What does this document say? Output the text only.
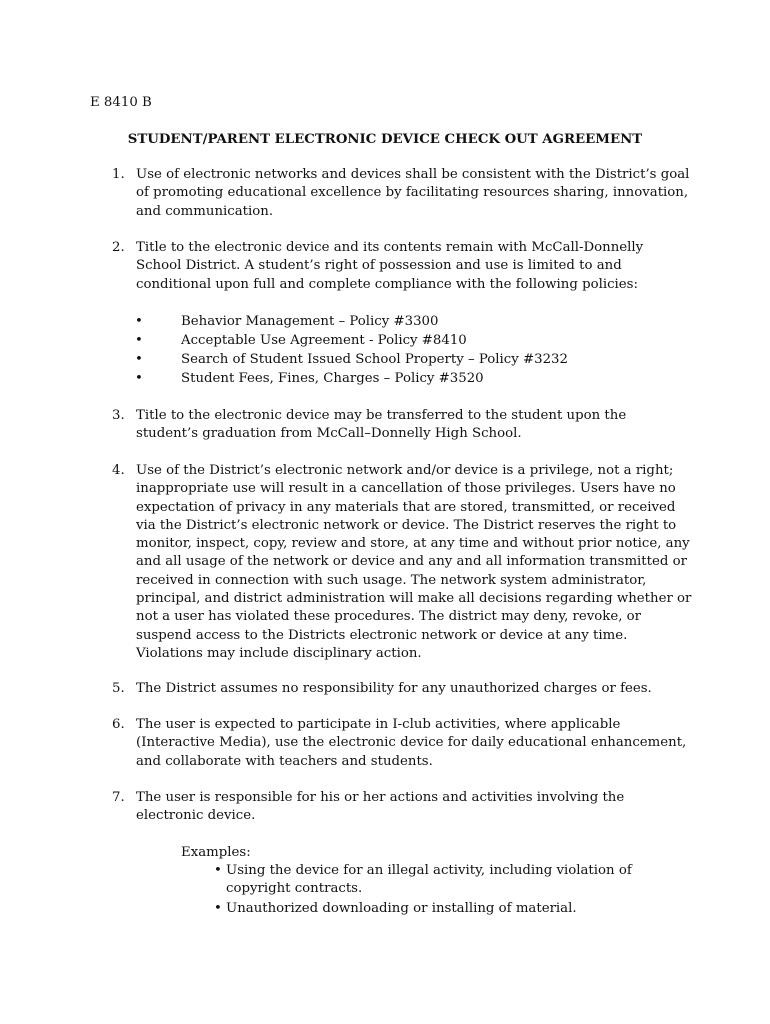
E 8410 B
STUDENT/PARENT ELECTRONIC DEVICE CHECK OUT AGREEMENT
1. Use of electronic networks and devices shall be consistent with the District’s goal of promoting educational excellence by facilitating resources sharing, innovation, and communication.
2. Title to the electronic device and its contents remain with McCall-Donnelly School District. A student’s right of possession and use is limited to and conditional upon full and complete compliance with the following policies:
•	Behavior Management – Policy #3300
•	Acceptable Use Agreement - Policy #8410
•	Search of Student Issued School Property – Policy #3232
•	Student Fees, Fines, Charges – Policy #3520
3. Title to the electronic device may be transferred to the student upon the student’s graduation from McCall–Donnelly High School.
4. Use of the District’s electronic network and/or device is a privilege, not a right; inappropriate use will result in a cancellation of those privileges. Users have no expectation of privacy in any materials that are stored, transmitted, or received via the District’s electronic network or device. The District reserves the right to monitor, inspect, copy, review and store, at any time and without prior notice, any and all usage of the network or device and any and all information transmitted or received in connection with such usage. The network system administrator, principal, and district administration will make all decisions regarding whether or not a user has violated these procedures. The district may deny, revoke, or suspend access to the Districts electronic network or device at any time. Violations may include disciplinary action.
5. The District assumes no responsibility for any unauthorized charges or fees.
6. The user is expected to participate in I-club activities, where applicable (Interactive Media), use the electronic device for daily educational enhancement, and collaborate with teachers and students.
7. The user is responsible for his or her actions and activities involving the electronic device.
Examples:
• Using the device for an illegal activity, including violation of copyright contracts.
• Unauthorized downloading or installing of material.
